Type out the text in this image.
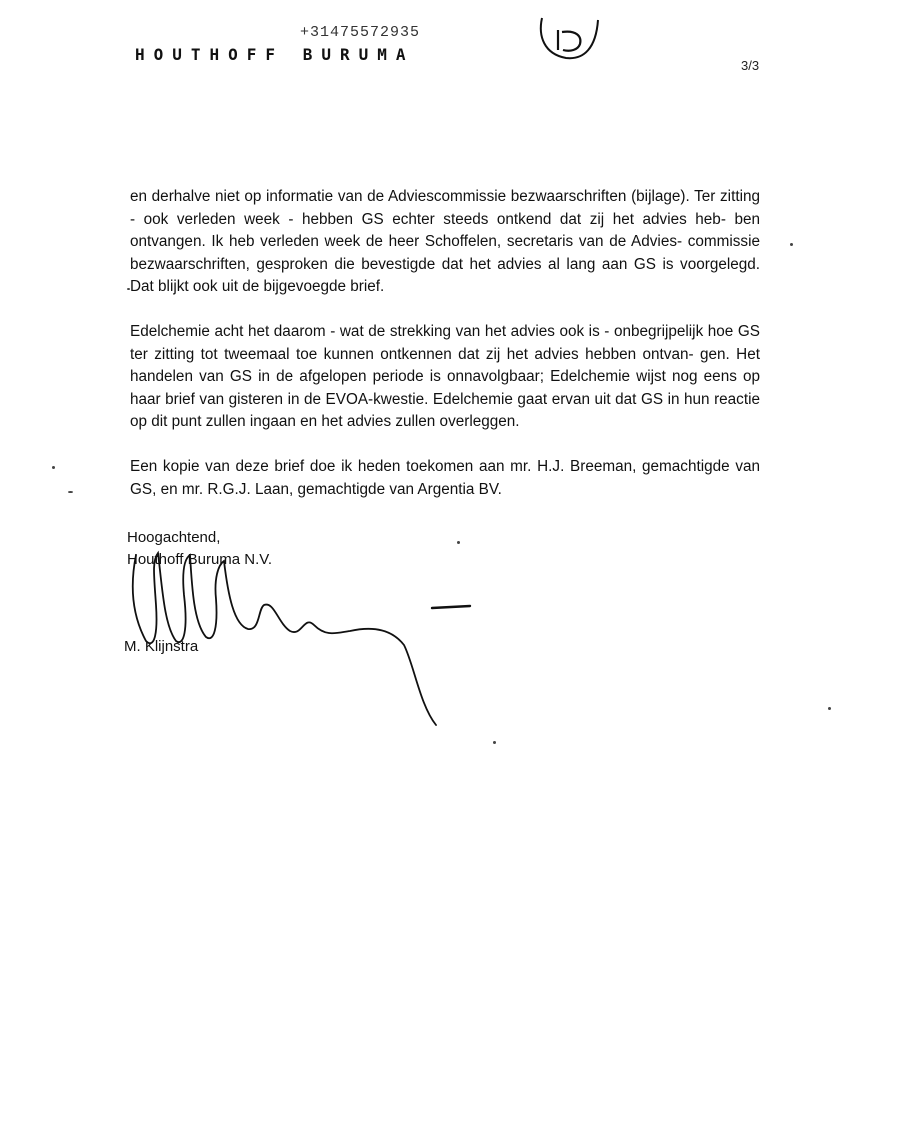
+31475572935
HOUTHOFF BURUMA
3/3

en derhalve niet op informatie van de Adviescommissie bezwaarschriften (bijlage). Ter zitting - ook verleden week - hebben GS echter steeds ontkend dat zij het advies heb- ben ontvangen. Ik heb verleden week de heer Schoffelen, secretaris van de Advies- commissie bezwaarschriften, gesproken die bevestigde dat het advies al lang aan GS is voorgelegd. Dat blijkt ook uit de bijgevoegde brief.

Edelchemie acht het daarom - wat de strekking van het advies ook is - onbegrijpelijk hoe GS ter zitting tot tweemaal toe kunnen ontkennen dat zij het advies hebben ontvan- gen. Het handelen van GS in de afgelopen periode is onnavolgbaar; Edelchemie wijst nog eens op haar brief van gisteren in de EVOA-kwestie. Edelchemie gaat ervan uit dat GS in hun reactie op dit punt zullen ingaan en het advies zullen overleggen.

Een kopie van deze brief doe ik heden toekomen aan mr. H.J. Breeman, gemachtigde van GS, en mr. R.G.J. Laan, gemachtigde van Argentia BV.

Hoogachtend,
Houthoff Buruma N.V.
M. Klijnstra
